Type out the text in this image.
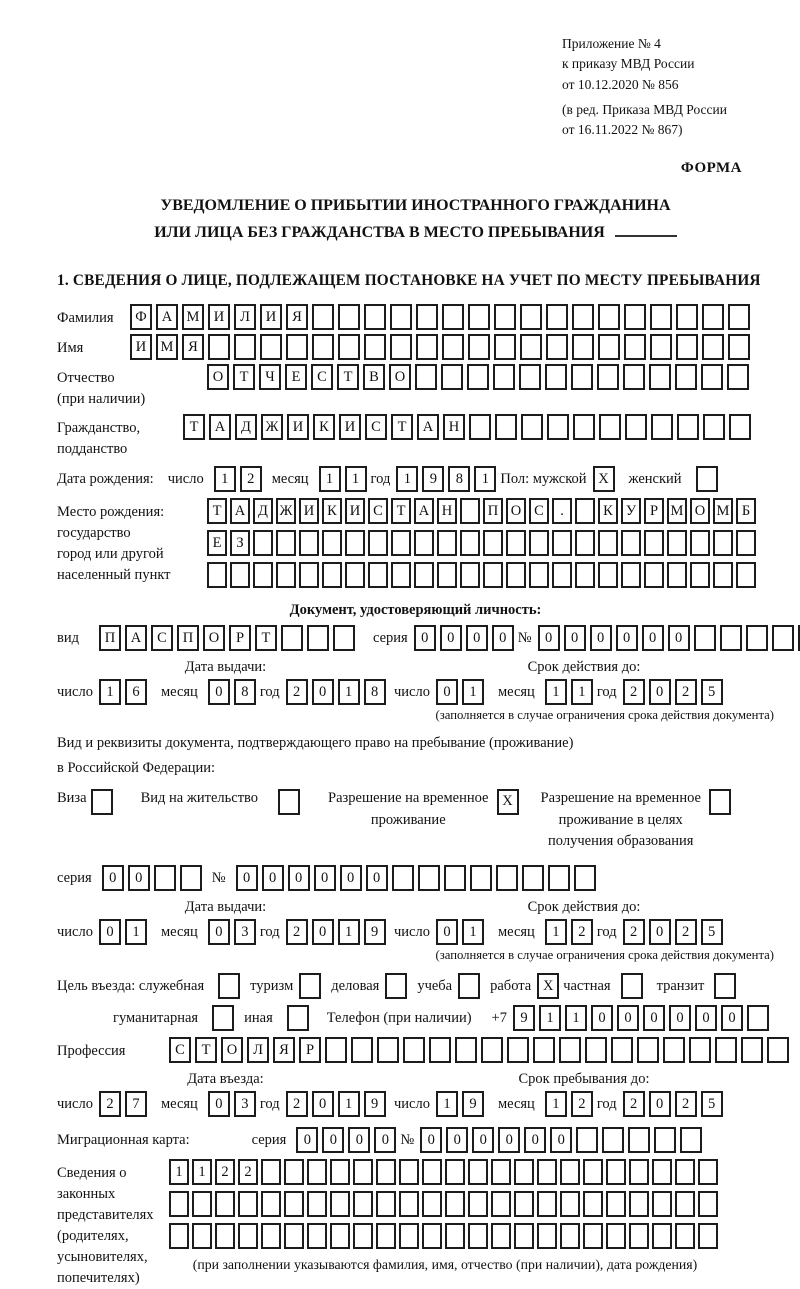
Приложение № 4
к приказу МВД России
от 10.12.2020 № 856
(в ред. Приказа МВД России
от 16.11.2022 № 867)
ФОРМА
УВЕДОМЛЕНИЕ О ПРИБЫТИИ ИНОСТРАННОГО ГРАЖДАНИНА
ИЛИ ЛИЦА БЕЗ ГРАЖДАНСТВА В МЕСТО ПРЕБЫВАНИЯ
1. СВЕДЕНИЯ О ЛИЦЕ, ПОДЛЕЖАЩЕМ ПОСТАНОВКЕ НА УЧЕТ ПО МЕСТУ ПРЕБЫВАНИЯ
Фамилия	Ф	А М И	Л	И	Я
Имя	И М	Я
Отчество
(при наличии)
О	Т	Ч	Е	С	Т	В	О
Гражданство,
подданство
Т	А	Д	Ж И	К	И	С	Т	А	Н
Дата рождения: число	1	2	месяц	1	1 год 1	9	8	1 Пол: мужской X	женский
Место рождения:
государство
город или другой
населенный пункт
Т А Д Ж И К И С Т А Н	П О С	.	К У Р М О М Б
Е	З
Документ, удостоверяющий личность:
вид	П	А	С	П	О	Р	Т	серия 0	0	0	0 № 0	0	0	0	0	0
Дата выдачи:
число 1	6	месяц	0	8 год 2	0	1	8
Срок действия до:
число 0	1	месяц	1	1 год 2	0	2	5
(заполняется в случае ограничения срока действия документа)
Вид и реквизиты документа, подтверждающего право на пребывание (проживание)
в Российской Федерации:
Виза	Вид на жительство	Разрешение на временное
проживание
X	Разрешение на временное
проживание в целях
получения образования
серия	0	0	№	0	0	0	0	0	0
Дата выдачи:
число 0	1	месяц	0	3 год 2	0	1	9
Срок действия до:
число 0	1	месяц	1	2 год 2	0	2	5
(заполняется в случае ограничения срока действия документа)
Цель въезда: служебная	туризм	деловая	учеба	работа X частная	транзит
гуманитарная	иная	Телефон (при наличии) +7 9	1	1	0	0	0	0	0	0
Профессия	С	Т	О	Л	Я	Р
Дата въезда:
число 2	7	месяц	0	3 год 2	0	1	9
Срок пребывания до:
число 1	9	месяц	1	2 год 2	0	2	5
Миграционная карта:	серия	0	0	0	0 № 0	0	0	0	0	0
Сведения о
законных
представителях
(родителях,
усыновителях,
попечителях)
1	1	2	2
(при заполнении указываются фамилия, имя, отчество (при наличии), дата рождения)
